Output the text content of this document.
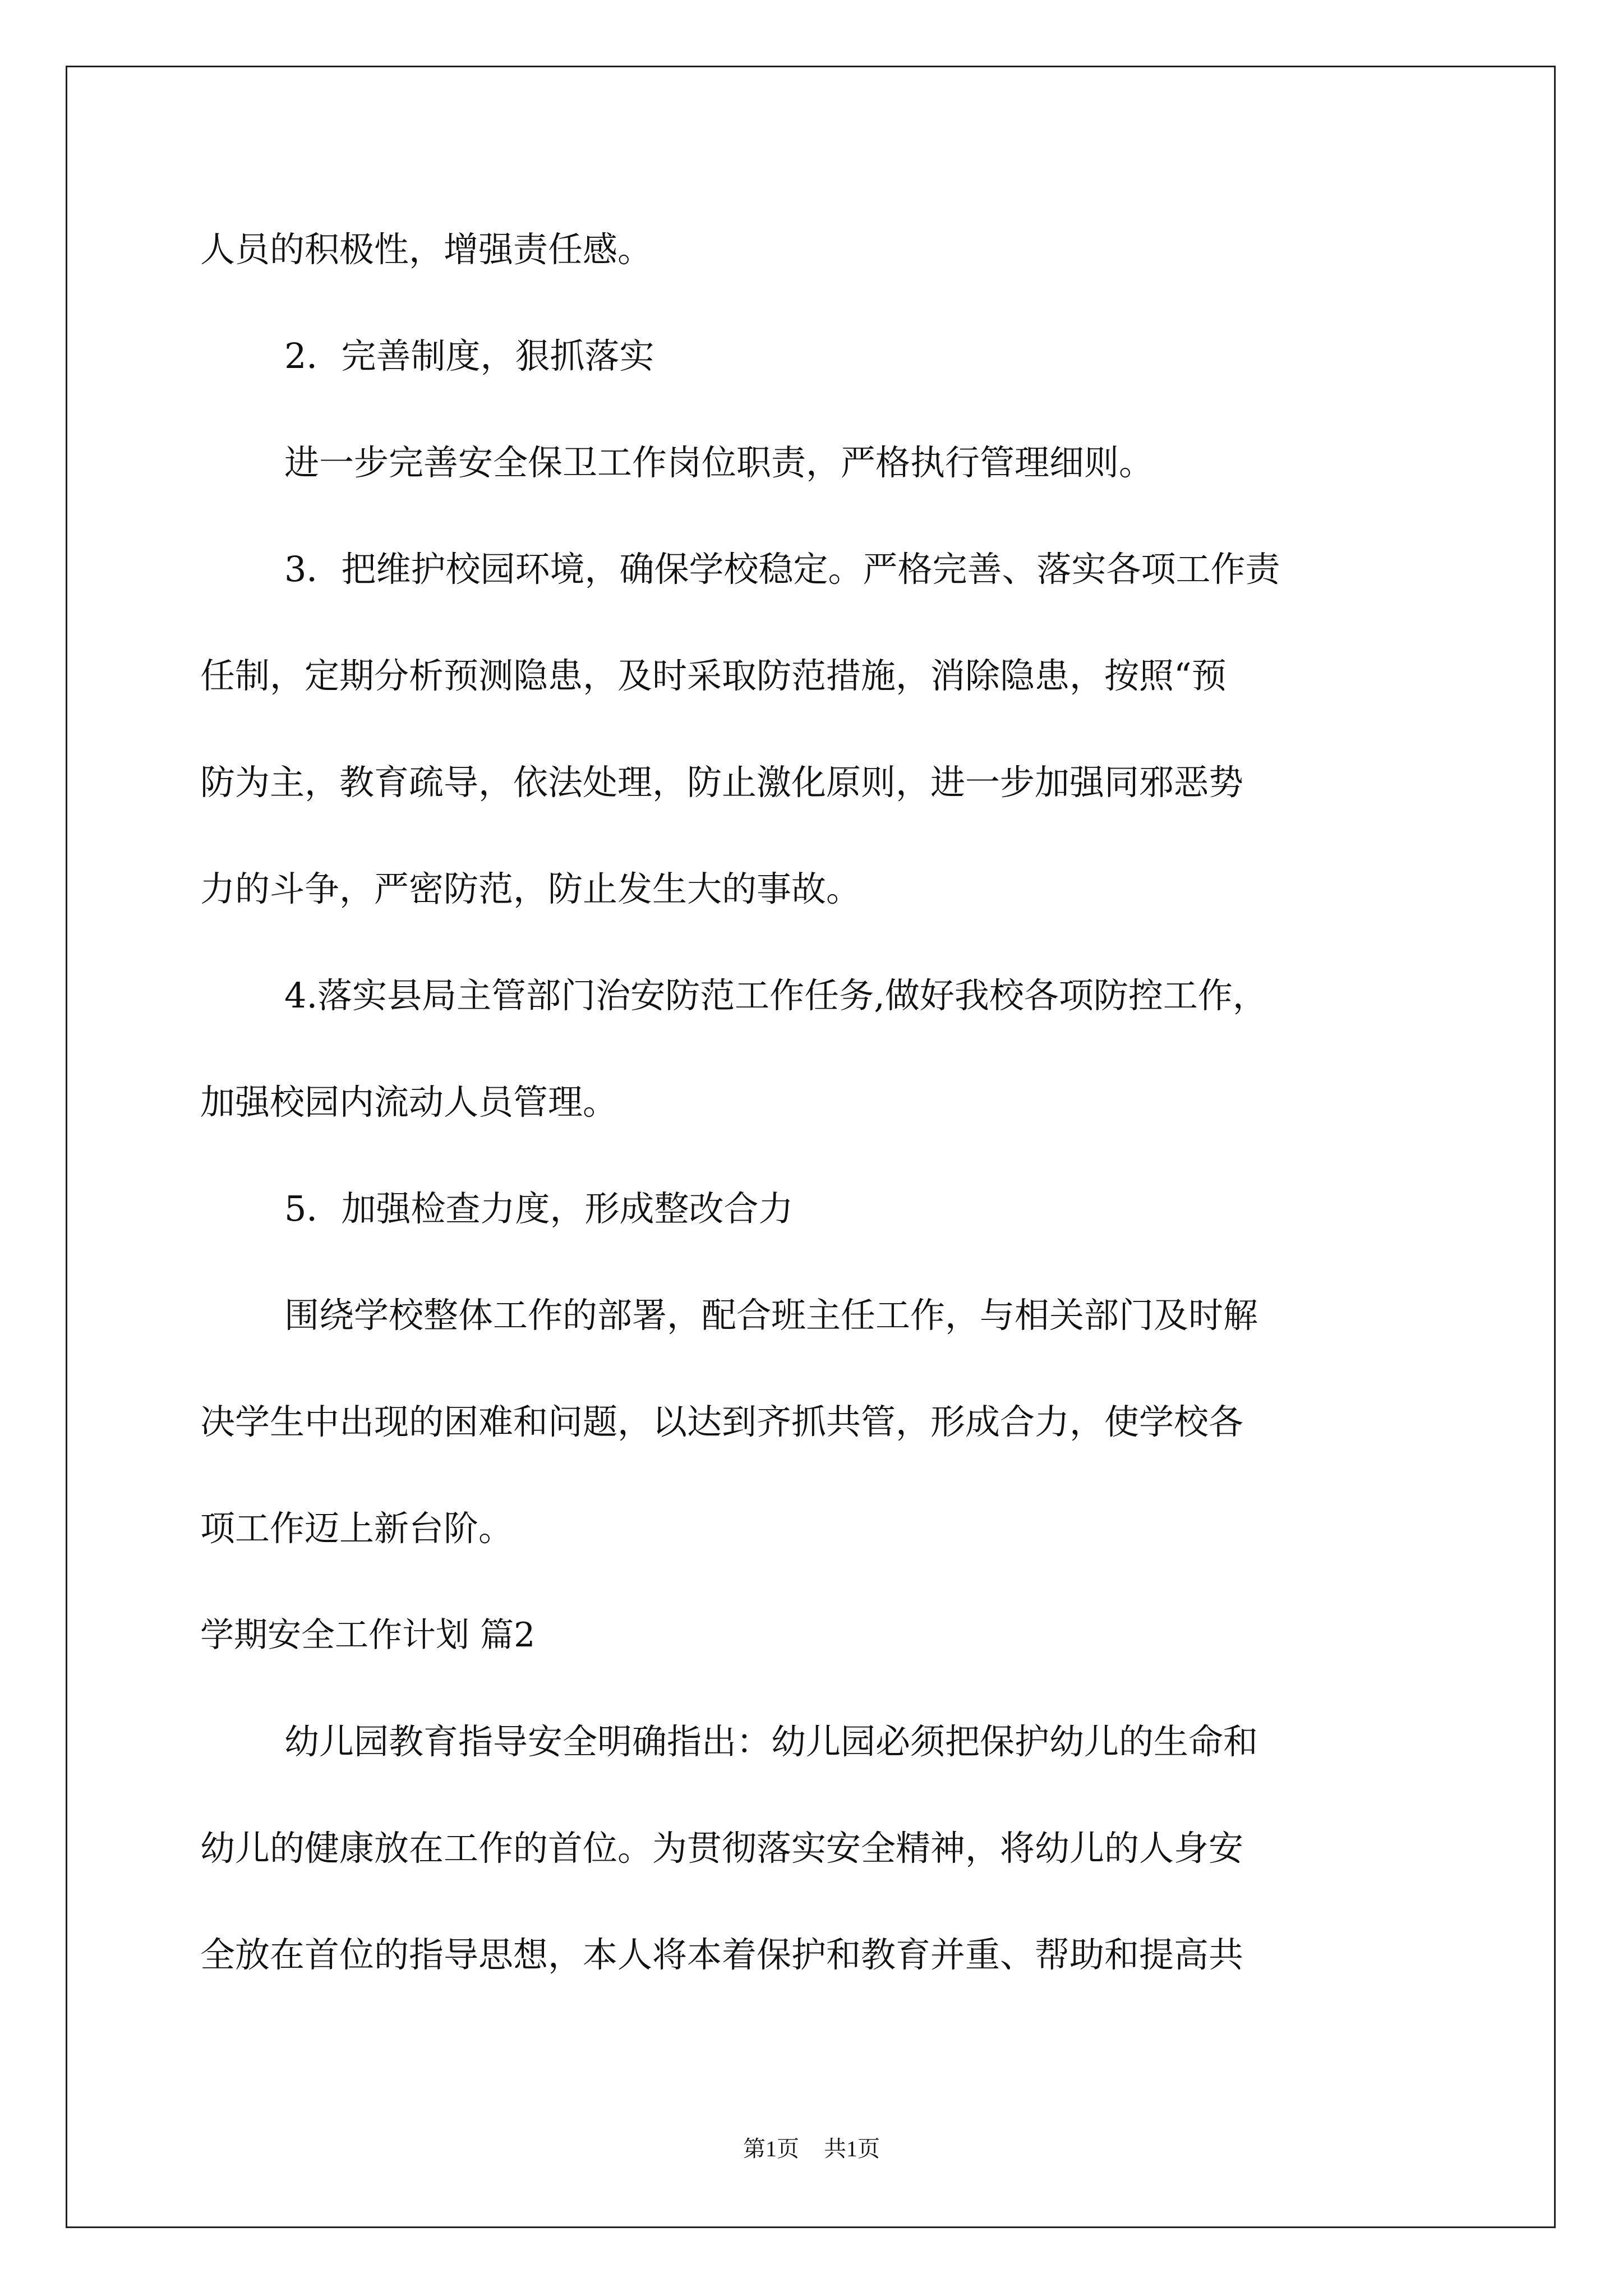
人员的积极性，增强责任感。
2．完善制度，狠抓落实
进一步完善安全保卫工作岗位职责，严格执行管理细则。
3．把维护校园环境，确保学校稳定。严格完善、落实各项工作责
任制，定期分析预测隐患，及时采取防范措施，消除隐患，按照“预
防为主，教育疏导，依法处理，防止激化原则，进一步加强同邪恶势
力的斗争，严密防范，防止发生大的事故。
4.落实县局主管部门治安防范工作任务,做好我校各项防控工作，
加强校园内流动人员管理。
5．加强检查力度，形成整改合力
围绕学校整体工作的部署，配合班主任工作，与相关部门及时解
决学生中出现的困难和问题，以达到齐抓共管，形成合力，使学校各
项工作迈上新台阶。
学期安全工作计划 篇2
幼儿园教育指导安全明确指出：幼儿园必须把保护幼儿的生命和
幼儿的健康放在工作的首位。为贯彻落实安全精神，将幼儿的人身安
全放在首位的指导思想，本人将本着保护和教育并重、帮助和提高共
第1页 共1页
